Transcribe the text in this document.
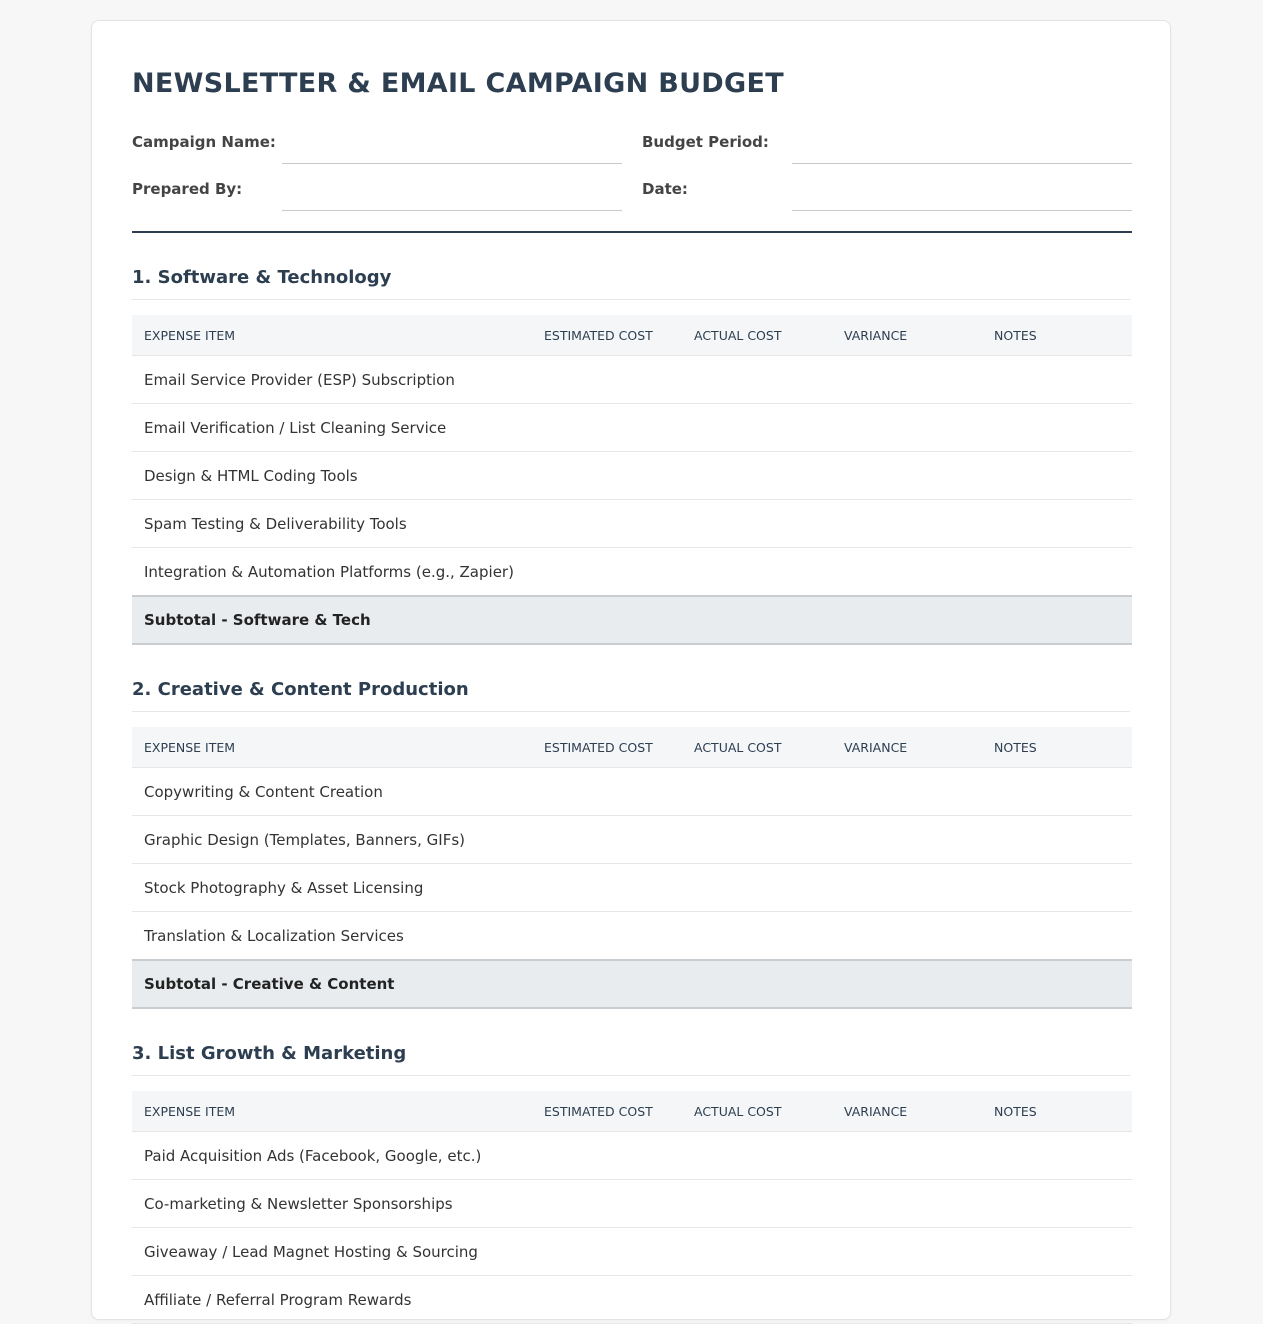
NEWSLETTER & EMAIL CAMPAIGN BUDGET
Campaign Name:	Budget Period:
Prepared By:	Date:
1. Software & Technology
EXPENSE ITEM	ESTIMATED COST	ACTUAL COST	VARIANCE	NOTES
Email Service Provider (ESP) Subscription				
Email Verification / List Cleaning Service				
Design & HTML Coding Tools				
Spam Testing & Deliverability Tools				
Integration & Automation Platforms (e.g., Zapier)				
Subtotal - Software & Tech				
2. Creative & Content Production
EXPENSE ITEM	ESTIMATED COST	ACTUAL COST	VARIANCE	NOTES
Copywriting & Content Creation				
Graphic Design (Templates, Banners, GIFs)				
Stock Photography & Asset Licensing				
Translation & Localization Services				
Subtotal - Creative & Content				
3. List Growth & Marketing
EXPENSE ITEM	ESTIMATED COST	ACTUAL COST	VARIANCE	NOTES
Paid Acquisition Ads (Facebook, Google, etc.)				
Co-marketing & Newsletter Sponsorships				
Giveaway / Lead Magnet Hosting & Sourcing				
Affiliate / Referral Program Rewards				
